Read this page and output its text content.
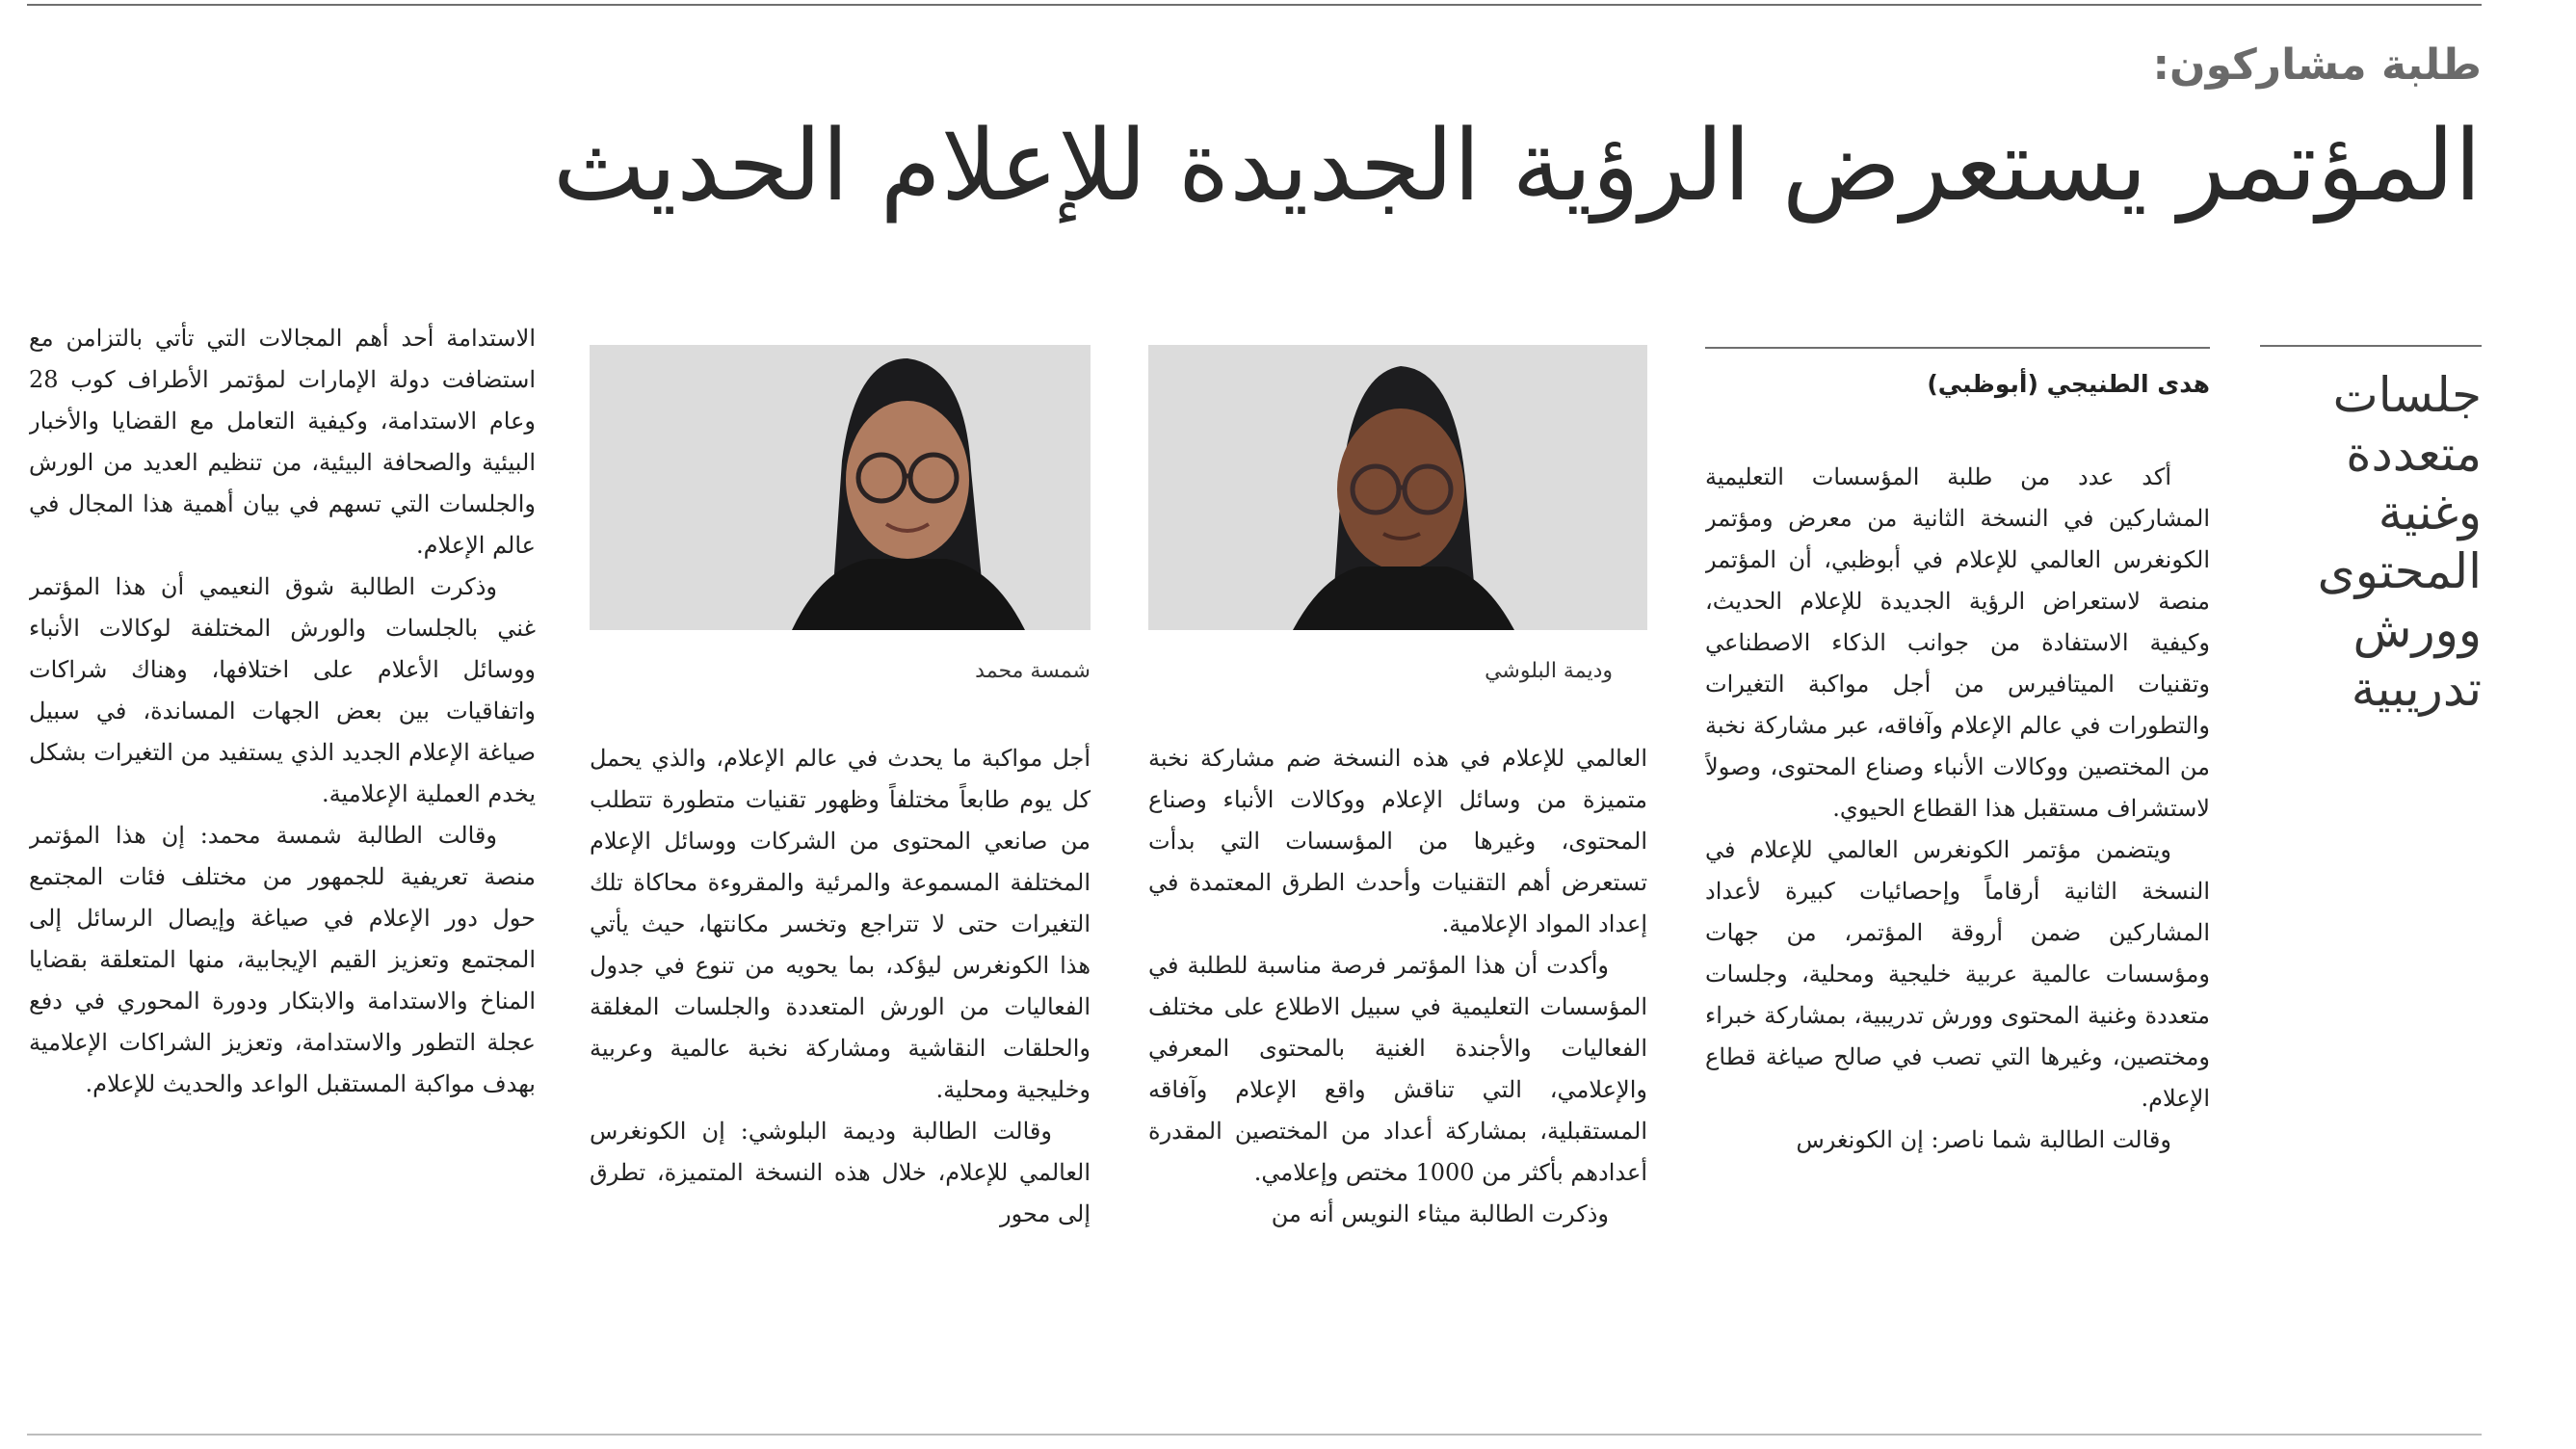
طلبة مشاركون:
المؤتمر يستعرض الرؤية الجديدة للإعلام الحديث
جلسات متعددة وغنية المحتوى وورش تدريبية
هدى الطنيجي (أبوظبي)

أكد عدد من طلبة المؤسسات التعليمية المشاركين في النسخة الثانية من معرض ومؤتمر الكونغرس العالمي للإعلام في أبوظبي، أن المؤتمر منصة لاستعراض الرؤية الجديدة للإعلام الحديث، وكيفية الاستفادة من جوانب الذكاء الاصطناعي وتقنيات الميتافيرس من أجل مواكبة التغيرات والتطورات في عالم الإعلام وآفاقه، عبر مشاركة نخبة من المختصين ووكالات الأنباء وصناع المحتوى، وصولاً لاستشراف مستقبل هذا القطاع الحيوي.

ويتضمن مؤتمر الكونغرس العالمي للإعلام في النسخة الثانية أرقاماً وإحصائيات كبيرة لأعداد المشاركين ضمن أروقة المؤتمر، من جهات ومؤسسات عالمية عربية خليجية ومحلية، وجلسات متعددة وغنية المحتوى وورش تدريبية، بمشاركة خبراء ومختصين، وغيرها التي تصب في صالح صياغة قطاع الإعلام.

وقالت الطالبة شما ناصر: إن الكونغرس

وديمة البلوشي
شمسة محمد

العالمي للإعلام في هذه النسخة ضم مشاركة نخبة متميزة من وسائل الإعلام ووكالات الأنباء وصناع المحتوى، وغيرها من المؤسسات التي بدأت تستعرض أهم التقنيات وأحدث الطرق المعتمدة في إعداد المواد الإعلامية.

وأكدت أن هذا المؤتمر فرصة مناسبة للطلبة في المؤسسات التعليمية في سبيل الاطلاع على مختلف الفعاليات والأجندة الغنية بالمحتوى المعرفي والإعلامي، التي تناقش واقع الإعلام وآفاقه المستقبلية، بمشاركة أعداد من المختصين المقدرة أعدادهم بأكثر من 1000 مختص وإعلامي.

وذكرت الطالبة ميثاء النويس أنه من

أجل مواكبة ما يحدث في عالم الإعلام، والذي يحمل كل يوم طابعاً مختلفاً وظهور تقنيات متطورة تتطلب من صانعي المحتوى من الشركات ووسائل الإعلام المختلفة المسموعة والمرئية والمقروءة محاكاة تلك التغيرات حتى لا تتراجع وتخسر مكانتها، حيث يأتي هذا الكونغرس ليؤكد، بما يحويه من تنوع في جدول الفعاليات من الورش المتعددة والجلسات المغلقة والحلقات النقاشية ومشاركة نخبة عالمية وعربية وخليجية ومحلية.

وقالت الطالبة وديمة البلوشي: إن الكونغرس العالمي للإعلام، خلال هذه النسخة المتميزة، تطرق إلى محور

الاستدامة أحد أهم المجالات التي تأتي بالتزامن مع استضافت دولة الإمارات لمؤتمر الأطراف كوب 28 وعام الاستدامة، وكيفية التعامل مع القضايا والأخبار البيئية والصحافة البيئية، من تنظيم العديد من الورش والجلسات التي تسهم في بيان أهمية هذا المجال في عالم الإعلام.

وذكرت الطالبة شوق النعيمي أن هذا المؤتمر غني بالجلسات والورش المختلفة لوكالات الأنباء ووسائل الأعلام على اختلافها، وهناك شراكات واتفاقيات بين بعض الجهات المساندة، في سبيل صياغة الإعلام الجديد الذي يستفيد من التغيرات بشكل يخدم العملية الإعلامية.

وقالت الطالبة شمسة محمد: إن هذا المؤتمر منصة تعريفية للجمهور من مختلف فئات المجتمع حول دور الإعلام في صياغة وإيصال الرسائل إلى المجتمع وتعزيز القيم الإيجابية، منها المتعلقة بقضايا المناخ والاستدامة والابتكار ودورة المحوري في دفع عجلة التطور والاستدامة، وتعزيز الشراكات الإعلامية بهدف مواكبة المستقبل الواعد والحديث للإعلام.
